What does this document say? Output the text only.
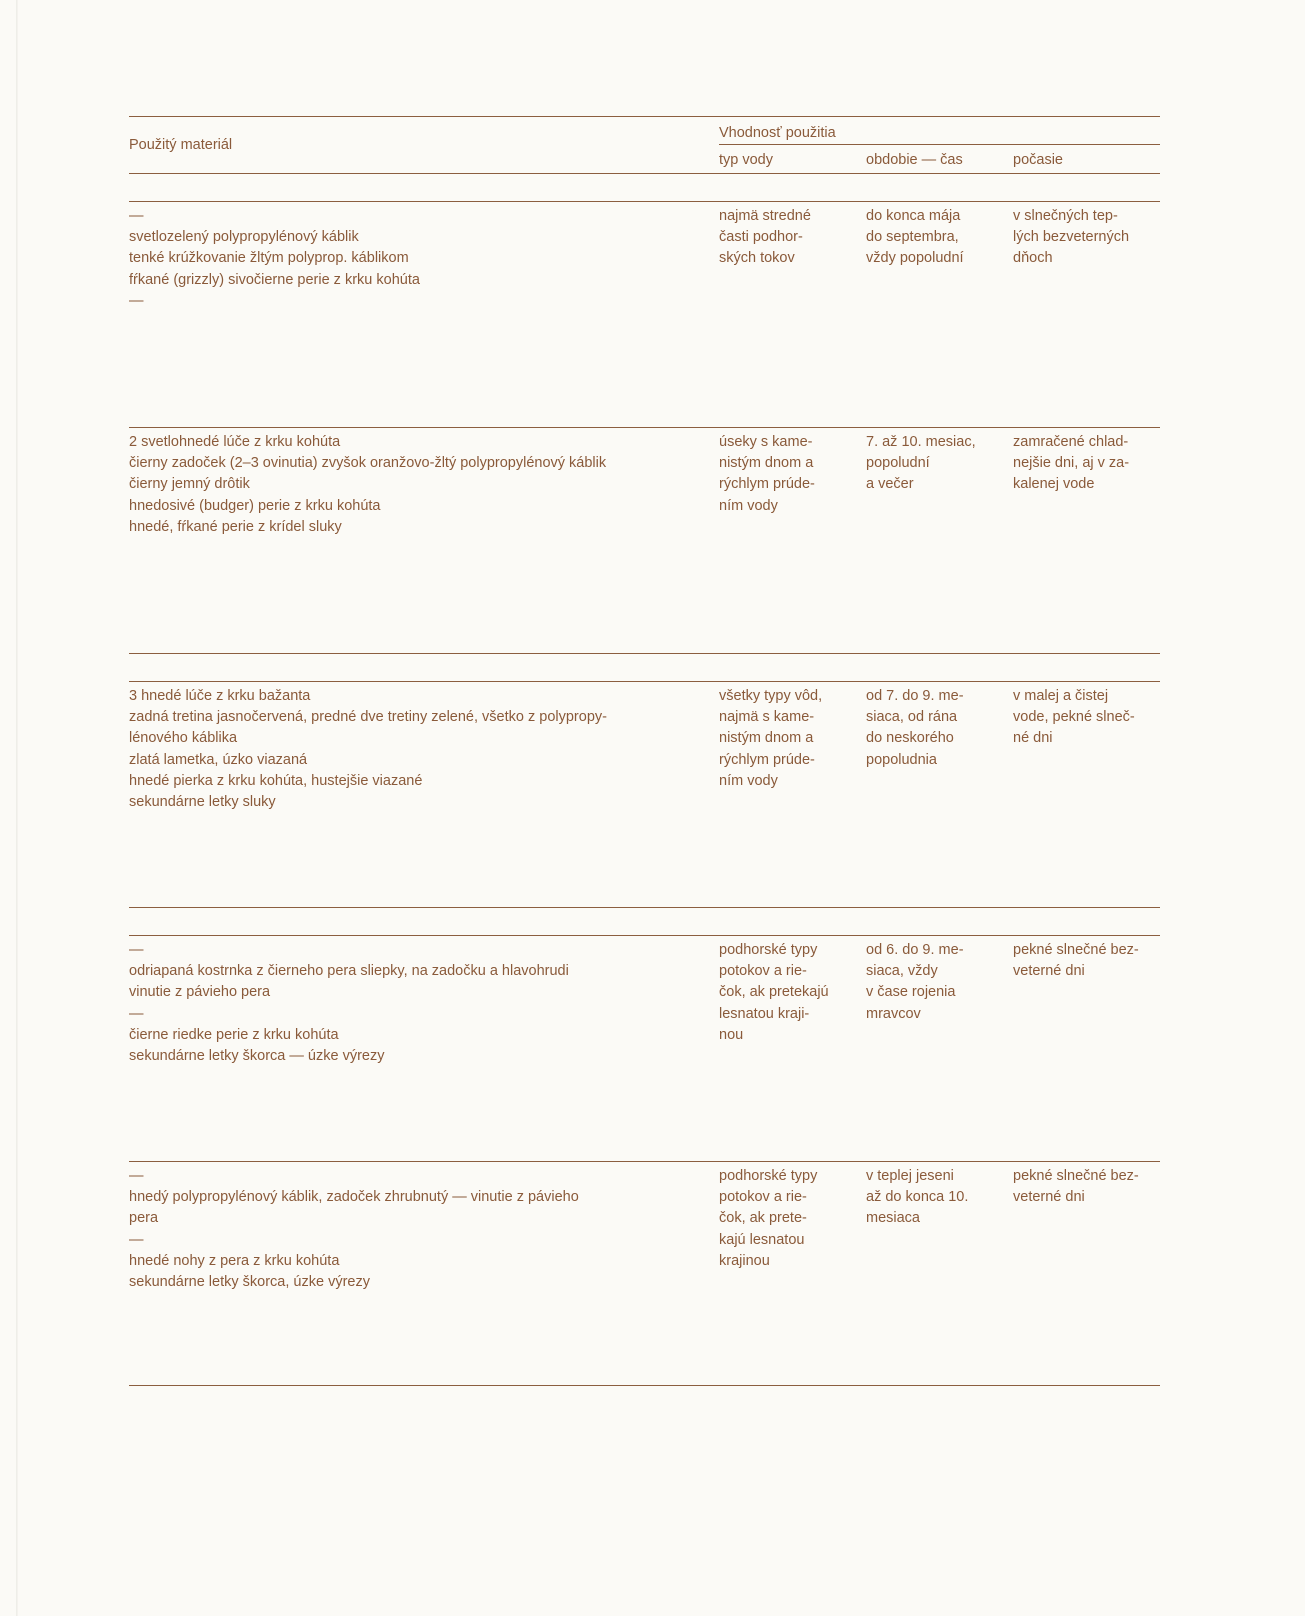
Použitý materiál
Vhodnosť použitia
typ vody	obdobie — čas	počasie
—
svetlozelený polypropylénový káblik
tenké krúžkovanie žltým polyprop. káblikom
fŕkané (grizzly) sivočierne perie z krku kohúta
—
najmä stredné
časti podhor-
ských tokov
do konca mája
do septembra,
vždy popoludní
v slnečných tep-
lých bezveterných
dňoch
2 svetlohnedé lúče z krku kohúta
čierny zadoček (2–3 ovinutia) zvyšok oranžovo-žltý polypropylénový káblik
čierny jemný drôtik
hnedosivé (budger) perie z krku kohúta
hnedé, fŕkané perie z krídel sluky
úseky s kame-
nistým dnom a
rýchlym prúde-
ním vody
7. až 10. mesiac,
popoludní
a večer
zamračené chlad-
nejšie dni, aj v za-
kalenej vode
3 hnedé lúče z krku bažanta
zadná tretina jasnočervená, predné dve tretiny zelené, všetko z polypropy-
lénového káblika
zlatá lametka, úzko viazaná
hnedé pierka z krku kohúta, hustejšie viazané
sekundárne letky sluky
všetky typy vôd,
najmä s kame-
nistým dnom a
rýchlym prúde-
ním vody
od 7. do 9. me-
siaca, od rána
do neskorého
popoludnia
v malej a čistej
vode, pekné slneč-
né dni
—
odriapaná kostrnka z čierneho pera sliepky, na zadočku a hlavohrudi
vinutie z pávieho pera
—
čierne riedke perie z krku kohúta
sekundárne letky škorca — úzke výrezy
podhorské typy
potokov a rie-
čok, ak pretekajú
lesnatou kraji-
nou
od 6. do 9. me-
siaca, vždy
v čase rojenia
mravcov
pekné slnečné bez-
veterné dni
—
hnedý polypropylénový káblik, zadoček zhrubnutý — vinutie z pávieho
pera
—
hnedé nohy z pera z krku kohúta
sekundárne letky škorca, úzke výrezy
podhorské typy
potokov a rie-
čok, ak prete-
kajú lesnatou
krajinou
v teplej jeseni
až do konca 10.
mesiaca
pekné slnečné bez-
veterné dni
